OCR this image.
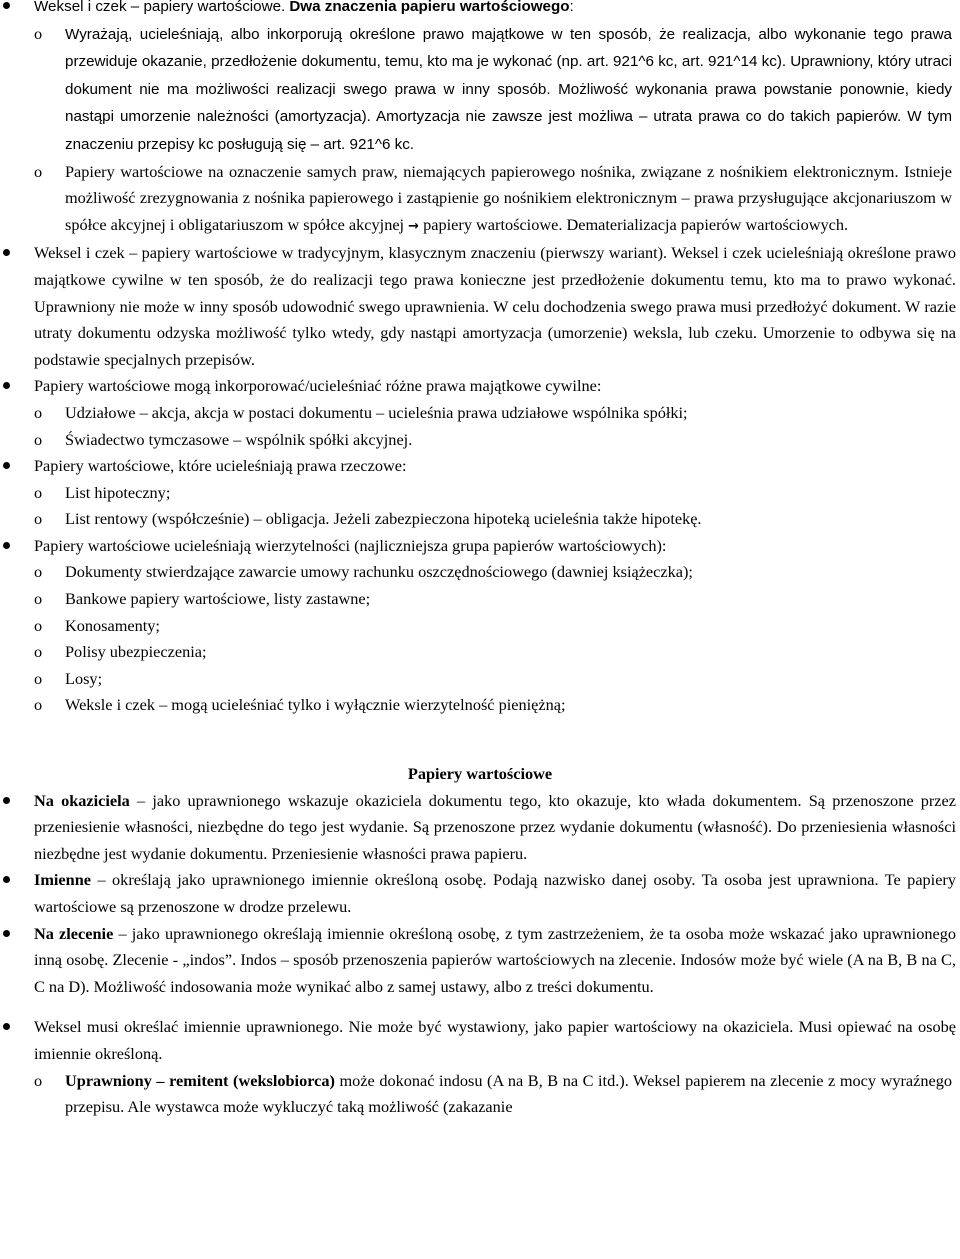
Weksel i czek – papiery wartościowe. Dwa znaczenia papieru wartościowego:
o Wyrażają, ucieleśniają, albo inkorporują określone prawo majątkowe w ten sposób, że realizacja, albo wykonanie tego prawa przewiduje okazanie, przedłożenie dokumentu, temu, kto ma je wykonać (np. art. 921^6 kc, art. 921^14 kc). Uprawniony, który utraci dokument nie ma możliwości realizacji swego prawa w inny sposób. Możliwość wykonania prawa powstanie ponownie, kiedy nastąpi umorzenie należności (amortyzacja). Amortyzacja nie zawsze jest możliwa – utrata prawa co do takich papierów. W tym znaczeniu przepisy kc posługują się – art. 921^6 kc.
o Papiery wartościowe na oznaczenie samych praw, niemających papierowego nośnika, związane z nośnikiem elektronicznym. Istnieje możliwość zrezygnowania z nośnika papierowego i zastąpienie go nośnikiem elektronicznym – prawa przysługujące akcjonariuszom w spółce akcyjnej i obligatariuszom w spółce akcyjnej → papiery wartościowe. Dematerializacja papierów wartościowych.
Weksel i czek – papiery wartościowe w tradycyjnym, klasycznym znaczeniu (pierwszy wariant). Weksel i czek ucieleśniają określone prawo majątkowe cywilne w ten sposób, że do realizacji tego prawa konieczne jest przedłożenie dokumentu temu, kto ma to prawo wykonać. Uprawniony nie może w inny sposób udowodnić swego uprawnienia. W celu dochodzenia swego prawa musi przedłożyć dokument. W razie utraty dokumentu odzyska możliwość tylko wtedy, gdy nastąpi amortyzacja (umorzenie) weksla, lub czeku. Umorzenie to odbywa się na podstawie specjalnych przepisów.
Papiery wartościowe mogą inkorporować/ucieleśniać różne prawa majątkowe cywilne:
o Udziałowe – akcja, akcja w postaci dokumentu – ucieleśnia prawa udziałowe wspólnika spółki;
o Świadectwo tymczasowe – wspólnik spółki akcyjnej.
Papiery wartościowe, które ucieleśniają prawa rzeczowe:
o List hipoteczny;
o List rentowy (współcześnie) – obligacja. Jeżeli zabezpieczona hipoteką ucieleśnia także hipotekę.
Papiery wartościowe ucieleśniają wierzytelności (najliczniejsza grupa papierów wartościowych):
o Dokumenty stwierdzające zawarcie umowy rachunku oszczędnościowego (dawniej książeczka);
o Bankowe papiery wartościowe, listy zastawne;
o Konosamenty;
o Polisy ubezpieczenia;
o Losy;
o Weksle i czek – mogą ucieleśniać tylko i wyłącznie wierzytelność pieniężną;
Papiery wartościowe
Na okaziciela – jako uprawnionego wskazuje okaziciela dokumentu tego, kto okazuje, kto włada dokumentem. Są przenoszone przez przeniesienie własności, niezbędne do tego jest wydanie. Są przenoszone przez wydanie dokumentu (własność). Do przeniesienia własności niezbędne jest wydanie dokumentu. Przeniesienie własności prawa papieru.
Imienne – określają jako uprawnionego imiennie określoną osobę. Podają nazwisko danej osoby. Ta osoba jest uprawniona. Te papiery wartościowe są przenoszone w drodze przelewu.
Na zlecenie – jako uprawnionego określają imiennie określoną osobę, z tym zastrzeżeniem, że ta osoba może wskazać jako uprawnionego inną osobę. Zlecenie - „indos”. Indos – sposób przenoszenia papierów wartościowych na zlecenie. Indosów może być wiele (A na B, B na C, C na D). Możliwość indosowania może wynikać albo z samej ustawy, albo z treści dokumentu.
Weksel musi określać imiennie uprawnionego. Nie może być wystawiony, jako papier wartościowy na okaziciela. Musi opiewać na osobę imiennie określoną.
o Uprawniony – remitent (wekslobiorca) może dokonać indosu (A na B, B na C itd.). Weksel papierem na zlecenie z mocy wyraźnego przepisu. Ale wystawca może wykluczyć taką możliwość (zakazanie
